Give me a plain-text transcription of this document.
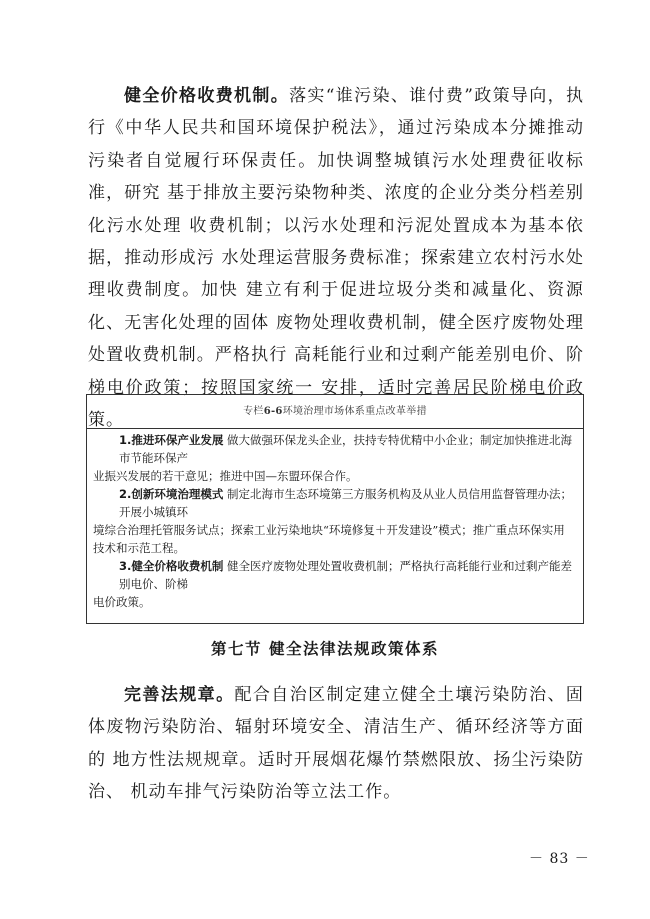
健全价格收费机制。落实“谁污染、谁付费”政策导向，执行《中华人民共和国环境保护税法》，通过污染成本分摊推动污染者自觉履行环保责任。加快调整城镇污水处理费征收标准，研究 基于排放主要污染物种类、浓度的企业分类分档差别化污水处理 收费机制；以污水处理和污泥处置成本为基本依据，推动形成污 水处理运营服务费标准；探索建立农村污水处理收费制度。加快 建立有利于促进垃圾分类和减量化、资源化、无害化处理的固体 废物处理收费机制，健全医疗废物处理处置收费机制。严格执行 高耗能行业和过剩产能差别电价、阶梯电价政策；按照国家统一 安排，适时完善居民阶梯电价政策。	专栏6-6环境治理市场体系重点改革举措
1.推进环保产业发展 做大做强环保龙头企业，扶持专特优精中小企业；制定加快推进北海市节能环保产
业振兴发展的若干意见；推进中国—东盟环保合作。
2.创新环境治理模式 制定北海市生态环境第三方服务机构及从业人员信用监督管理办法；开展小城镇环
境综合治理托管服务试点；探索工业污染地块“环境修复＋开发建设”模式；推广重点环保实用技术和示范工程。
3.健全价格收费机制 健全医疗废物处理处置收费机制；严格执行高耗能行业和过剩产能差别电价、阶梯
电价政策。
第七节 健全法律法规政策体系

完善法规章。配合自治区制定建立健全土壤污染防治、固体废物污染防治、辐射环境安全、清洁生产、循环经济等方面的 地方性法规规章。适时开展烟花爆竹禁燃限放、扬尘污染防治、 机动车排气污染防治等立法工作。

－ 83 －
